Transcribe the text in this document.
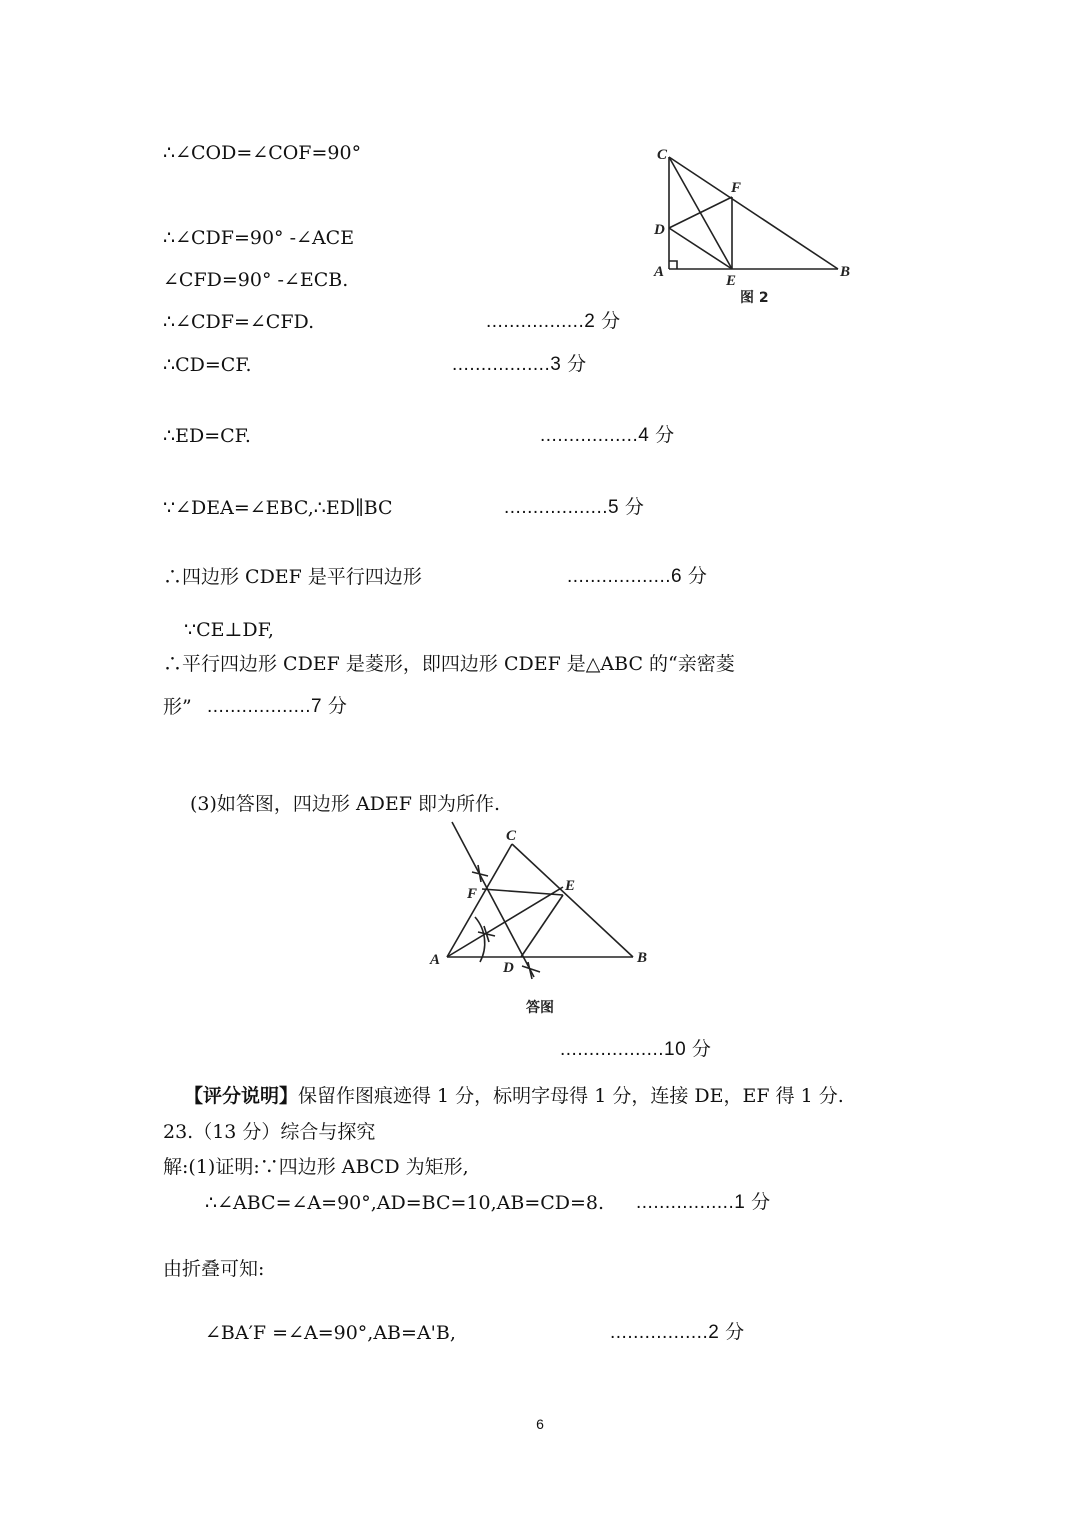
∴∠COD=∠COF=90°
∴∠CDF=90° -∠ACE
∠CFD=90° -∠ECB.
∴∠CDF=∠CFD.	.................2 分
∴CD=CF.	.................3 分
∴ED=CF.	.................4 分
∵∠DEA=∠EBC,∴ED∥BC	..................5 分
∴四边形 CDEF 是平行四边形	..................6 分
∵CE⊥DF,
∴平行四边形 CDEF 是菱形，即四边形 CDEF 是△ABC 的“亲密菱
形” ..................7 分
(3)如答图，四边形 ADEF 即为所作.
..................10 分
【评分说明】保留作图痕迹得 1 分，标明字母得 1 分，连接 DE，EF 得 1 分.
23.（13 分）综合与探究
解:(1)证明:∵四边形 ABCD 为矩形,
∴∠ABC=∠A=90°,AD=BC=10,AB=CD=8. .................1 分
由折叠可知:
∠BA′F =∠A=90°,AB=A'B,	.................2 分
C
F
D
A
E
B
图 2
C
F	E
A	D
B
答图
6
